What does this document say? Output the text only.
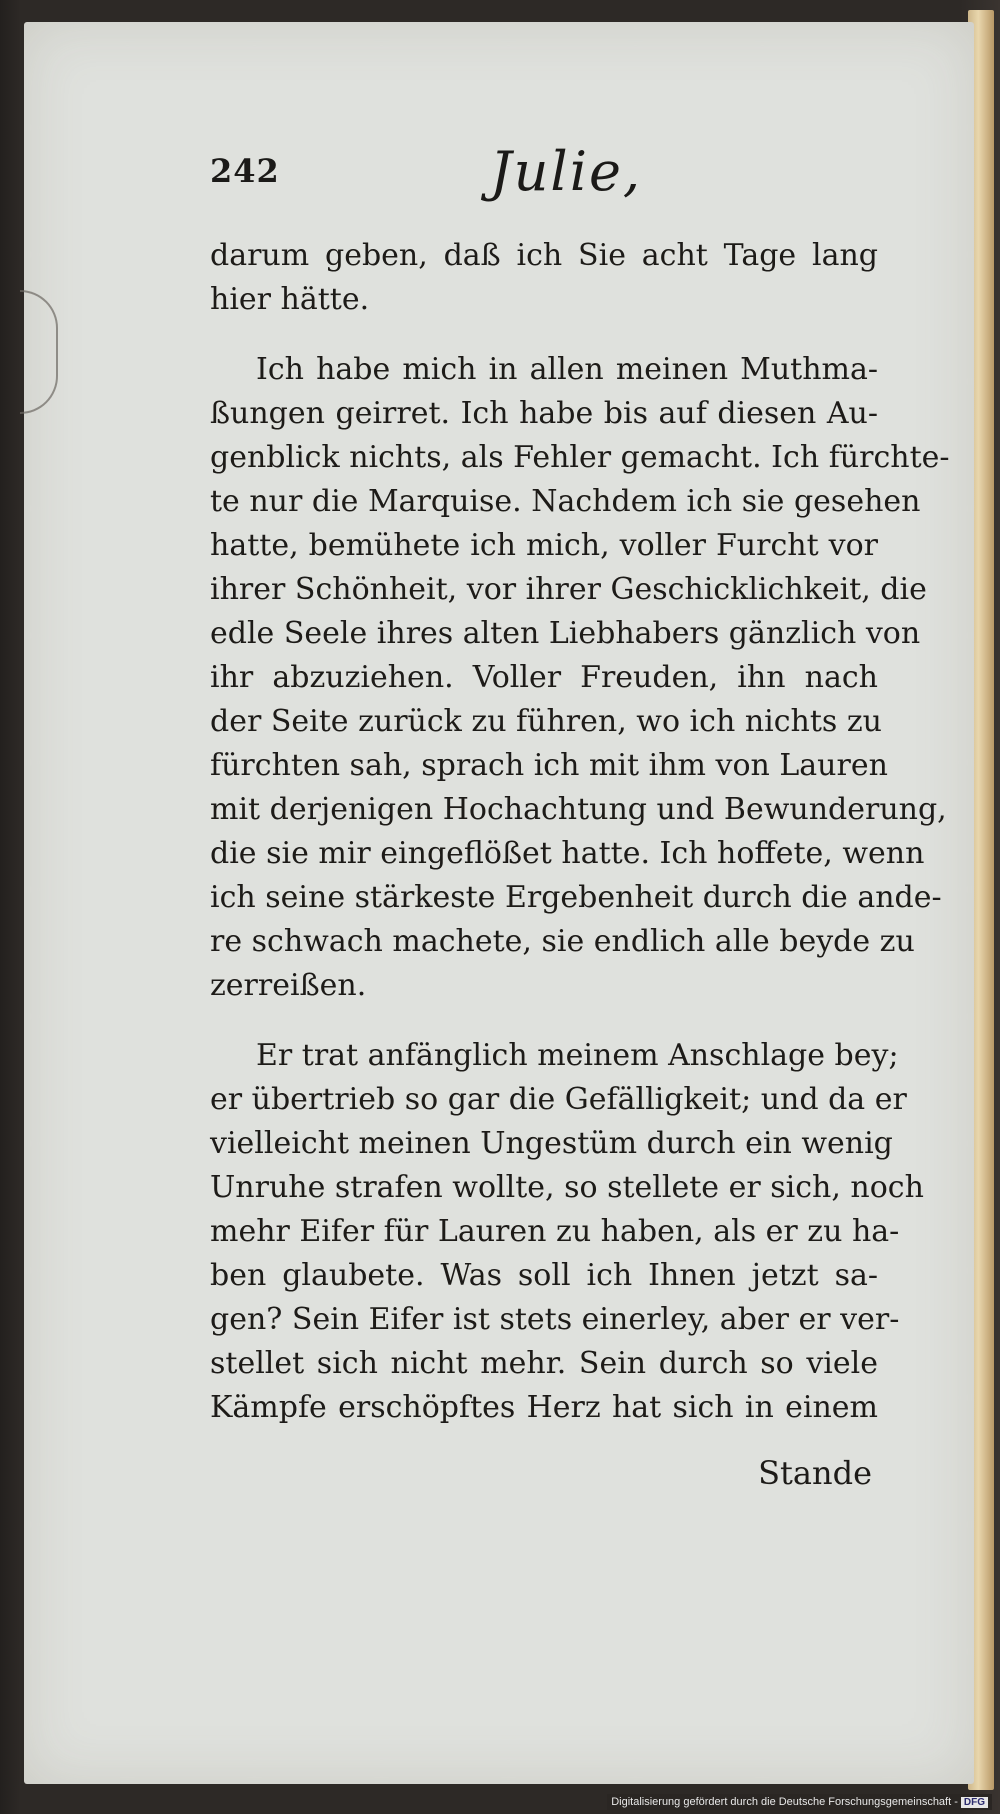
242	Julie,
darum geben, daß ich Sie acht Tage lang
hier hätte.
Ich habe mich in allen meinen Muthma-
ßungen geirret. Ich habe bis auf diesen Au-
genblick nichts, als Fehler gemacht. Ich fürchte-
te nur die Marquise. Nachdem ich sie gesehen
hatte, bemühete ich mich, voller Furcht vor
ihrer Schönheit, vor ihrer Geschicklichkeit, die
edle Seele ihres alten Liebhabers gänzlich von
ihr abzuziehen. Voller Freuden, ihn nach
der Seite zurück zu führen, wo ich nichts zu
fürchten sah, sprach ich mit ihm von Lauren
mit derjenigen Hochachtung und Bewunderung,
die sie mir eingeflößet hatte. Ich hoffete, wenn
ich seine stärkeste Ergebenheit durch die ande-
re schwach machete, sie endlich alle beyde zu
zerreißen.
Er trat anfänglich meinem Anschlage bey;
er übertrieb so gar die Gefälligkeit; und da er
vielleicht meinen Ungestüm durch ein wenig
Unruhe strafen wollte, so stellete er sich, noch
mehr Eifer für Lauren zu haben, als er zu ha-
ben glaubete. Was soll ich Ihnen jetzt sa-
gen? Sein Eifer ist stets einerley, aber er ver-
stellet sich nicht mehr. Sein durch so viele
Kämpfe erschöpftes Herz hat sich in einem
Stande
Digitalisierung gefördert durch die Deutsche Forschungsgemeinschaft - DFG
